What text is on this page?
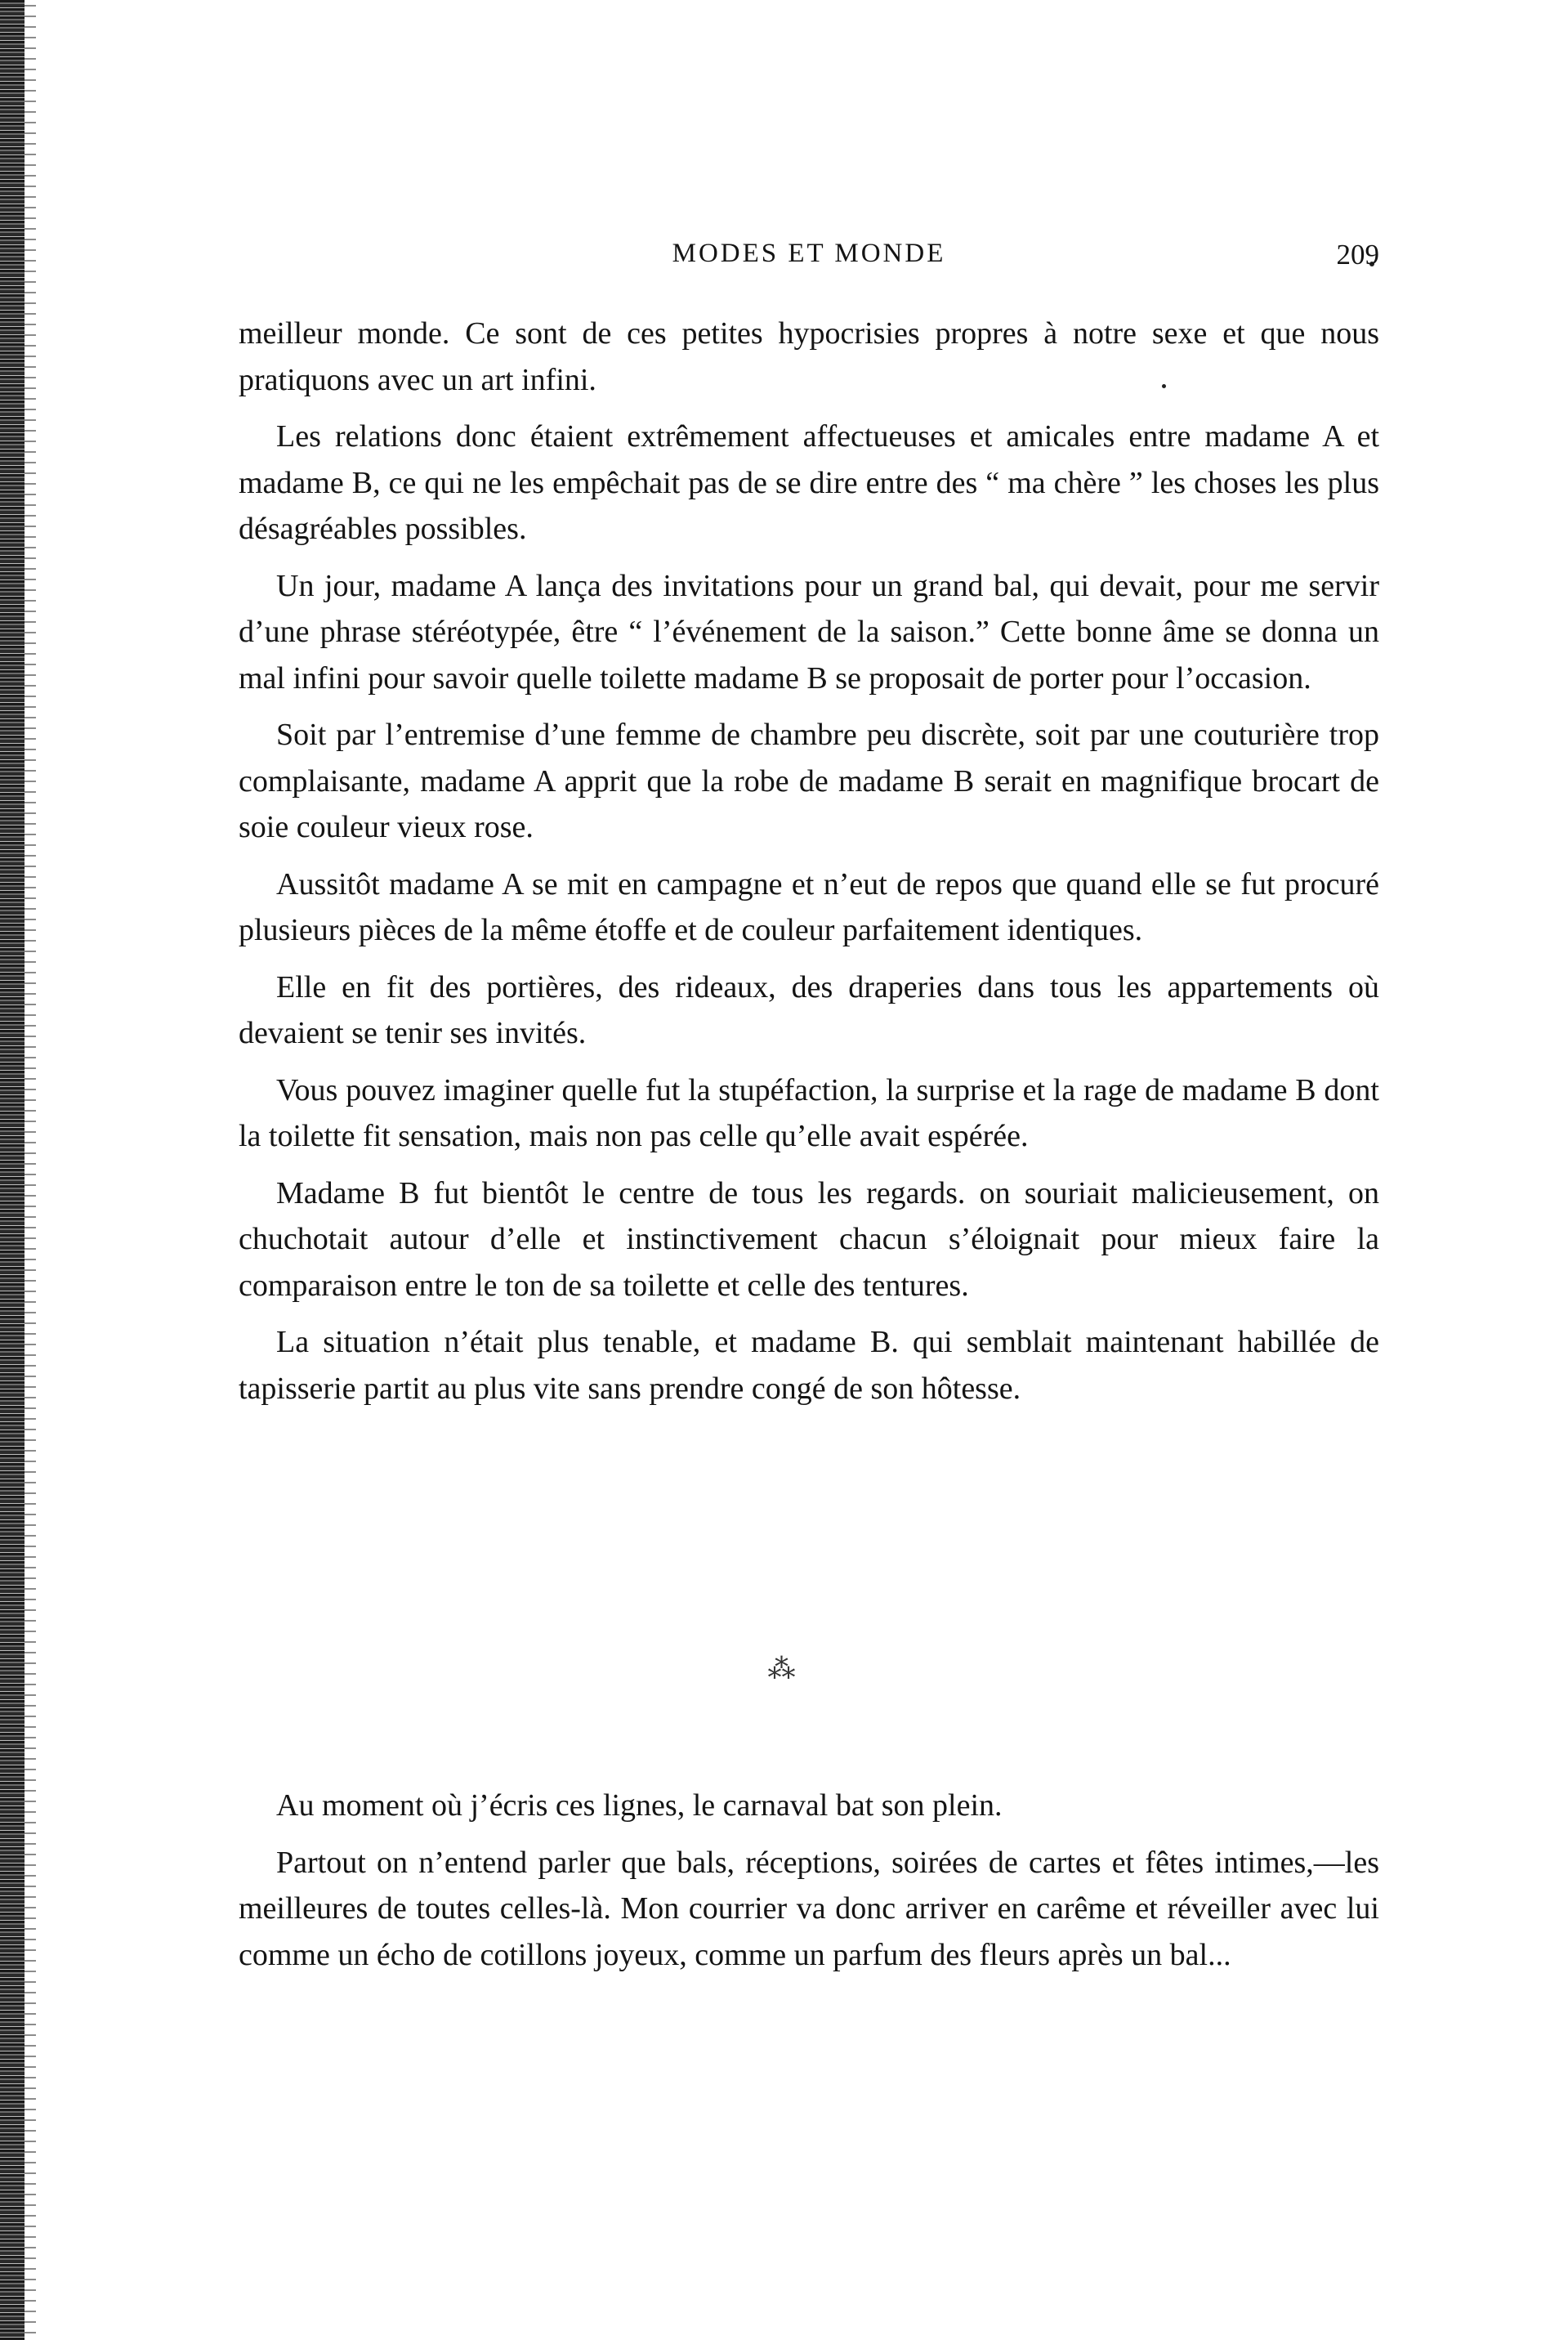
MODES ET MONDE	209

meilleur monde. Ce sont de ces petites hypocrisies propres à notre sexe et que nous pratiquons avec un art infini.

Les relations donc étaient extrêmement affectueuses et amicales entre madame A et madame B, ce qui ne les empêchait pas de se dire entre des “ ma chère ” les choses les plus désagréables possibles.

Un jour, madame A lança des invitations pour un grand bal, qui devait, pour me servir d’une phrase stéréotypée, être “ l’événement de la saison.” Cette bonne âme se donna un mal infini pour savoir quelle toilette madame B se proposait de porter pour l’occasion.

Soit par l’entremise d’une femme de chambre peu discrète, soit par une couturière trop complaisante, madame A apprit que la robe de madame B serait en magnifique brocart de soie couleur vieux rose.

Aussitôt madame A se mit en campagne et n’eut de repos que quand elle se fut procuré plusieurs pièces de la même étoffe et de couleur parfaitement identiques.

Elle en fit des portières, des rideaux, des draperies dans tous les appartements où devaient se tenir ses invités.

Vous pouvez imaginer quelle fut la stupéfaction, la surprise et la rage de madame B dont la toilette fit sensation, mais non pas celle qu’elle avait espérée.

Madame B fut bientôt le centre de tous les regards. on souriait malicieusement, on chuchotait autour d’elle et instinctivement chacun s’éloignait pour mieux faire la comparaison entre le ton de sa toilette et celle des tentures.

La situation n’était plus tenable, et madame B. qui semblait maintenant habillée de tapisserie partit au plus vite sans prendre congé de son hôtesse.

⁂

Au moment où j’écris ces lignes, le carnaval bat son plein.

Partout on n’entend parler que bals, réceptions, soirées de cartes et fêtes intimes,—les meilleures de toutes celles-là. Mon courrier va donc arriver en carême et réveiller avec lui comme un écho de cotillons joyeux, comme un parfum des fleurs après un bal...
